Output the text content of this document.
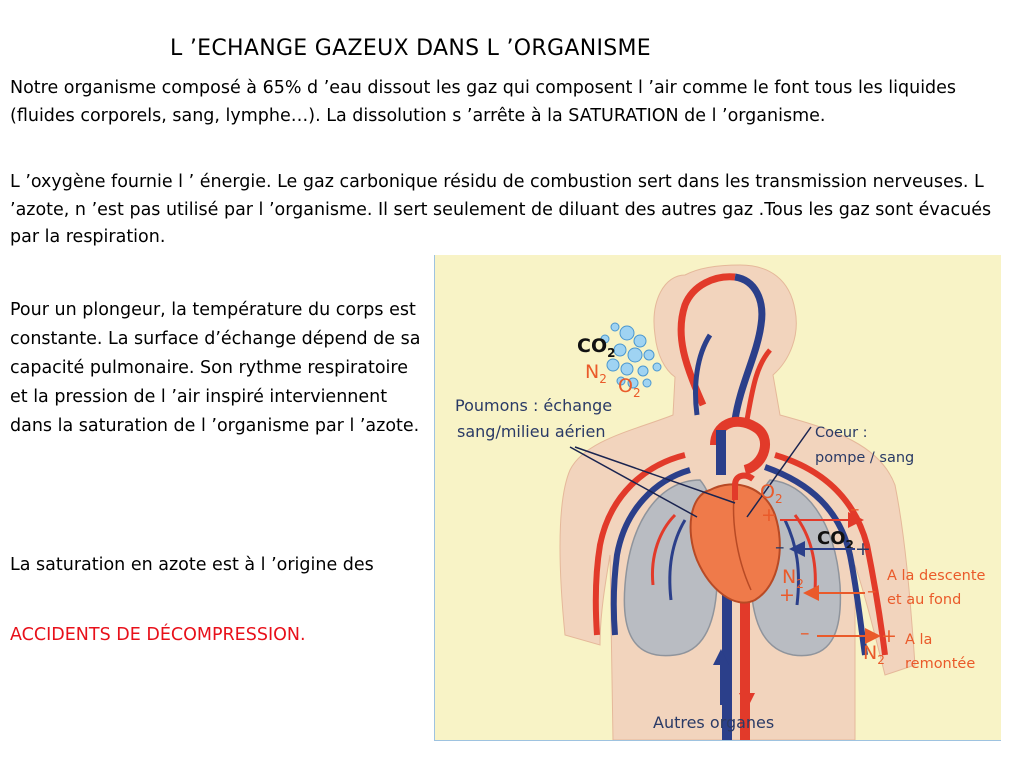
L ’ECHANGE GAZEUX DANS L ’ORGANISME
Notre organisme composé à 65% d ’eau dissout les gaz qui composent l ’air comme le font tous les liquides (fluides corporels, sang, lymphe…). La dissolution s ’arrête à la SATURATION de l ’organisme.
L ’oxygène fournie l ’ énergie. Le gaz carbonique résidu de combustion sert dans les transmission nerveuses. L ’azote, n ’est pas utilisé par l ’organisme. Il sert seulement de diluant des autres gaz .Tous les gaz sont évacués par la respiration.
Pour un plongeur, la température du corps est constante. La surface d’échange dépend de sa capacité pulmonaire. Son rythme respiratoire et la pression de l ’air inspiré interviennent dans la saturation de l ’organisme par l ’azote.
La saturation en azote est à l ’origine des
ACCIDENTS DE DÉCOMPRESSION.
$CO_2$
$N_2$ $O_2$
Poumons : échange
sang/milieu aérien	Coeur :
pompe / sang
$O_2$
+	–
$CO_2$ +
–
$N_2$
+	–
A la descente
et au fond
–	+
$N_2$
A la
remontée
Autres organes
